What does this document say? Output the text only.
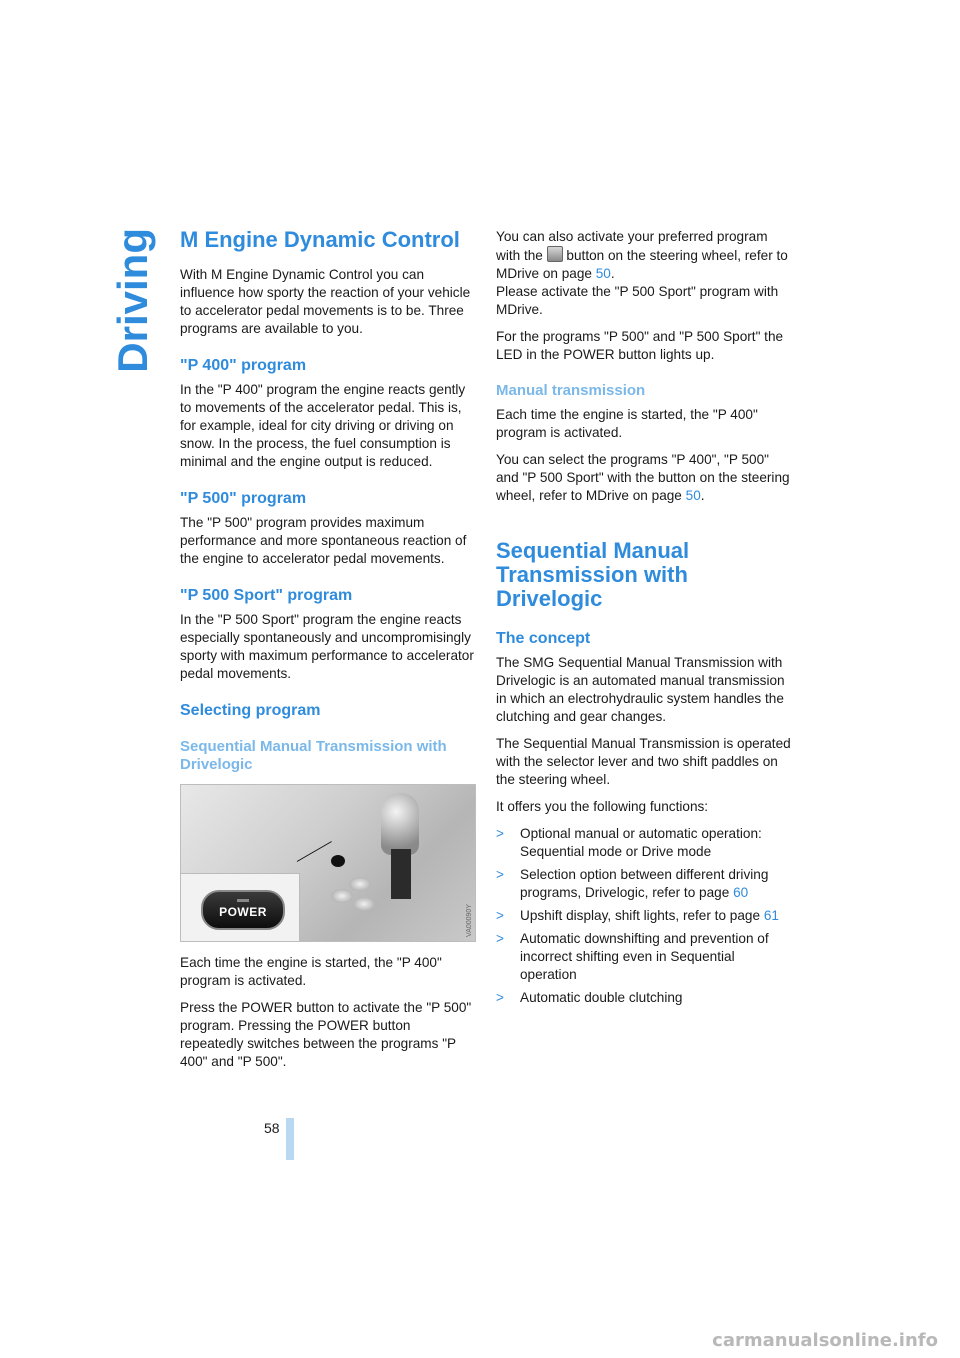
Driving M Engine Dynamic Control

With M Engine Dynamic Control you can influence how sporty the reaction of your vehicle to accelerator pedal movements is to be. Three programs are available to you.

"P 400" program

In the "P 400" program the engine reacts gently to movements of the accelerator pedal. This is, for example, ideal for city driving or driving on snow. In the process, the fuel consumption is minimal and the engine output is reduced.

"P 500" program

The "P 500" program provides maximum performance and more spontaneous reaction of the engine to accelerator pedal movements.

"P 500 Sport" program

In the "P 500 Sport" program the engine reacts especially spontaneously and uncompromisingly sporty with maximum performance to accelerator pedal movements.

Selecting program
Sequential Manual Transmission with Drivelogic
POWER	VA00090Y

Each time the engine is started, the "P 400" program is activated.

Press the POWER button to activate the "P 500" program. Pressing the POWER button repeatedly switches between the programs "P 400" and "P 500".

You can also activate your preferred program with the button on the steering wheel, refer to MDrive on page 50.

Please activate the "P 500 Sport" program with MDrive.

For the programs "P 500" and "P 500 Sport" the LED in the POWER button lights up.

Manual transmission

Each time the engine is started, the "P 400" program is activated.

You can select the programs "P 400", "P 500" and "P 500 Sport" with the button on the steering wheel, refer to MDrive on page 50.

Sequential Manual Transmission with Drivelogic
The concept

The SMG Sequential Manual Transmission with Drivelogic is an automated manual transmission in which an electrohydraulic system handles the clutching and gear changes.

The Sequential Manual Transmission is operated with the selector lever and two shift paddles on the steering wheel.

It offers you the following functions:

> Optional manual or automatic operation: Sequential mode or Drive mode
> Selection option between different driving programs, Drivelogic, refer to page 60
> Upshift display, shift lights, refer to page 61
> Automatic downshifting and prevention of incorrect shifting even in Sequential operation
> Automatic double clutching
58
carmanualsonline.info
